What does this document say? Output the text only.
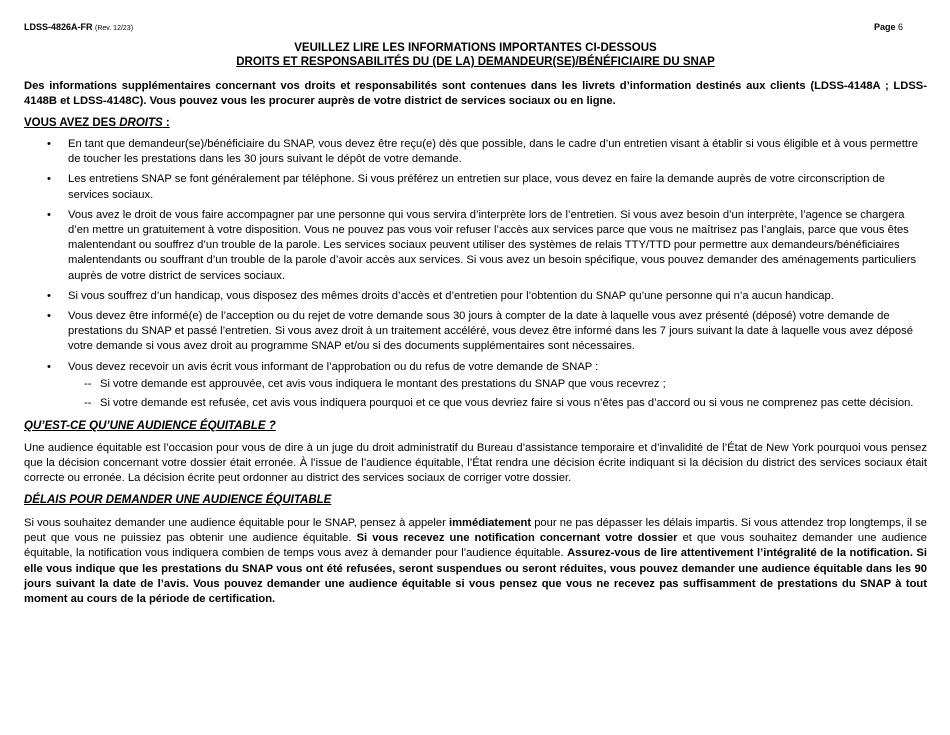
LDSS-4826A-FR (Rev. 12/23)	Page 6
VEUILLEZ LIRE LES INFORMATIONS IMPORTANTES CI-DESSOUS
DROITS ET RESPONSABILITÉS DU (DE LA) DEMANDEUR(SE)/BÉNÉFICIAIRE DU SNAP
Des informations supplémentaires concernant vos droits et responsabilités sont contenues dans les livrets d’information destinés aux clients (LDSS-4148A ; LDSS-4148B et LDSS-4148C). Vous pouvez vous les procurer auprès de votre district de services sociaux ou en ligne.
VOUS AVEZ DES DROITS :
• En tant que demandeur(se)/bénéficiaire du SNAP, vous devez être reçu(e) dès que possible, dans le cadre d’un entretien visant à établir si vous éligible et à vous permettre de toucher les prestations dans les 30 jours suivant le dépôt de votre demande.
• Les entretiens SNAP se font généralement par téléphone. Si vous préférez un entretien sur place, vous devez en faire la demande auprès de votre circonscription de services sociaux.
• Vous avez le droit de vous faire accompagner par une personne qui vous servira d’interprète lors de l’entretien. Si vous avez besoin d’un interprète, l’agence se chargera d’en mettre un gratuitement à votre disposition. Vous ne pouvez pas vous voir refuser l’accès aux services parce que vous ne maîtrisez pas l’anglais, parce que vous êtes malentendant ou souffrez d’un trouble de la parole. Les services sociaux peuvent utiliser des systèmes de relais TTY/TTD pour permettre aux demandeurs/bénéficiaires malentendants ou souffrant d’un trouble de la parole d’avoir accès aux services. Si vous avez un besoin spécifique, vous pouvez demander des aménagements particuliers auprès de votre district de services sociaux.
• Si vous souffrez d’un handicap, vous disposez des mêmes droits d’accès et d’entretien pour l’obtention du SNAP qu’une personne qui n’a aucun handicap.
• Vous devez être informé(e) de l’acception ou du rejet de votre demande sous 30 jours à compter de la date à laquelle vous avez présenté (déposé) votre demande de prestations du SNAP et passé l’entretien. Si vous avez droit à un traitement accéléré, vous devez être informé dans les 7 jours suivant la date à laquelle vous avez déposé votre demande si vous avez droit au programme SNAP et/ou si des documents supplémentaires sont nécessaires.
• Vous devez recevoir un avis écrit vous informant de l’approbation ou du refus de votre demande de SNAP :
-- Si votre demande est approuvée, cet avis vous indiquera le montant des prestations du SNAP que vous recevrez ;
-- Si votre demande est refusée, cet avis vous indiquera pourquoi et ce que vous devriez faire si vous n’êtes pas d’accord ou si vous ne comprenez pas cette décision.
QU’EST-CE QU’UNE AUDIENCE ÉQUITABLE ?
Une audience équitable est l’occasion pour vous de dire à un juge du droit administratif du Bureau d’assistance temporaire et d’invalidité de l’État de New York pourquoi vous pensez que la décision concernant votre dossier était erronée. À l’issue de l’audience équitable, l’État rendra une décision écrite indiquant si la décision du district des services sociaux était correcte ou erronée. La décision écrite peut ordonner au district des services sociaux de corriger votre dossier.
DÉLAIS POUR DEMANDER UNE AUDIENCE ÉQUITABLE
Si vous souhaitez demander une audience équitable pour le SNAP, pensez à appeler immédiatement pour ne pas dépasser les délais impartis. Si vous attendez trop longtemps, il se peut que vous ne puissiez pas obtenir une audience équitable. Si vous recevez une notification concernant votre dossier et que vous souhaitez demander une audience équitable, la notification vous indiquera combien de temps vous avez à demander pour l’audience équitable. Assurez-vous de lire attentivement l’intégralité de la notification. Si elle vous indique que les prestations du SNAP vous ont été refusées, seront suspendues ou seront réduites, vous pouvez demander une audience équitable dans les 90 jours suivant la date de l’avis. Vous pouvez demander une audience équitable si vous pensez que vous ne recevez pas suffisamment de prestations du SNAP à tout moment au cours de la période de certification.
